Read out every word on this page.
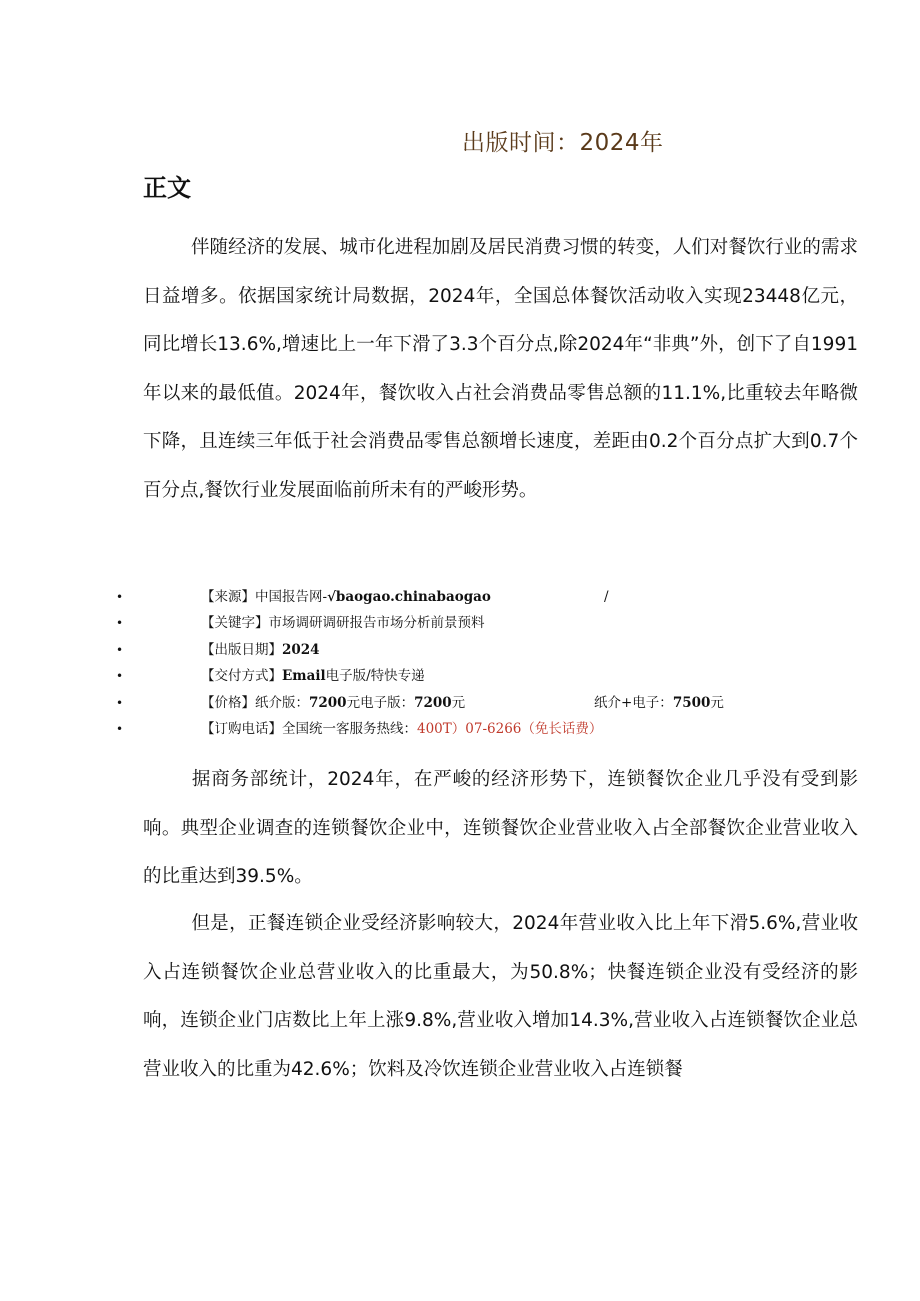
出版时间：2024年
正文

伴随经济的发展、城市化进程加剧及居民消费习惯的转变，人们对餐饮行业的需求日益增多。依据国家统计局数据，2024年，全国总体餐饮活动收入实现23448亿元，同比增长13.6%,增速比上一年下滑了3.3个百分点,除2024年“非典”外，创下了自1991年以来的最低值。2024年，餐饮收入占社会消费品零售总额的11.1%,比重较去年略微下降，且连续三年低于社会消费品零售总额增长速度，差距由0.2个百分点扩大到0.7个百分点,餐饮行业发展面临前所未有的严峻形势。

•	【来源】中国报告网-√baogao.chinabaogao	/
•	【关键字】市场调研调研报告市场分析前景预料
•	【出版日期】2024
•	【交付方式】Email电子版/特快专递
•	【价格】纸介版：7200元电子版：7200元	纸介+电子：7500元
•	【订购电话】全国统一客服务热线：400T）07-6266（免长话费）

据商务部统计，2024年，在严峻的经济形势下，连锁餐饮企业几乎没有受到影响。典型企业调查的连锁餐饮企业中，连锁餐饮企业营业收入占全部餐饮企业营业收入的比重达到39.5%。

但是，正餐连锁企业受经济影响较大，2024年营业收入比上年下滑5.6%,营业收入占连锁餐饮企业总营业收入的比重最大，为50.8%；快餐连锁企业没有受经济的影响，连锁企业门店数比上年上涨9.8%,营业收入增加14.3%,营业收入占连锁餐饮企业总营业收入的比重为42.6%；饮料及冷饮连锁企业营业收入占连锁餐
